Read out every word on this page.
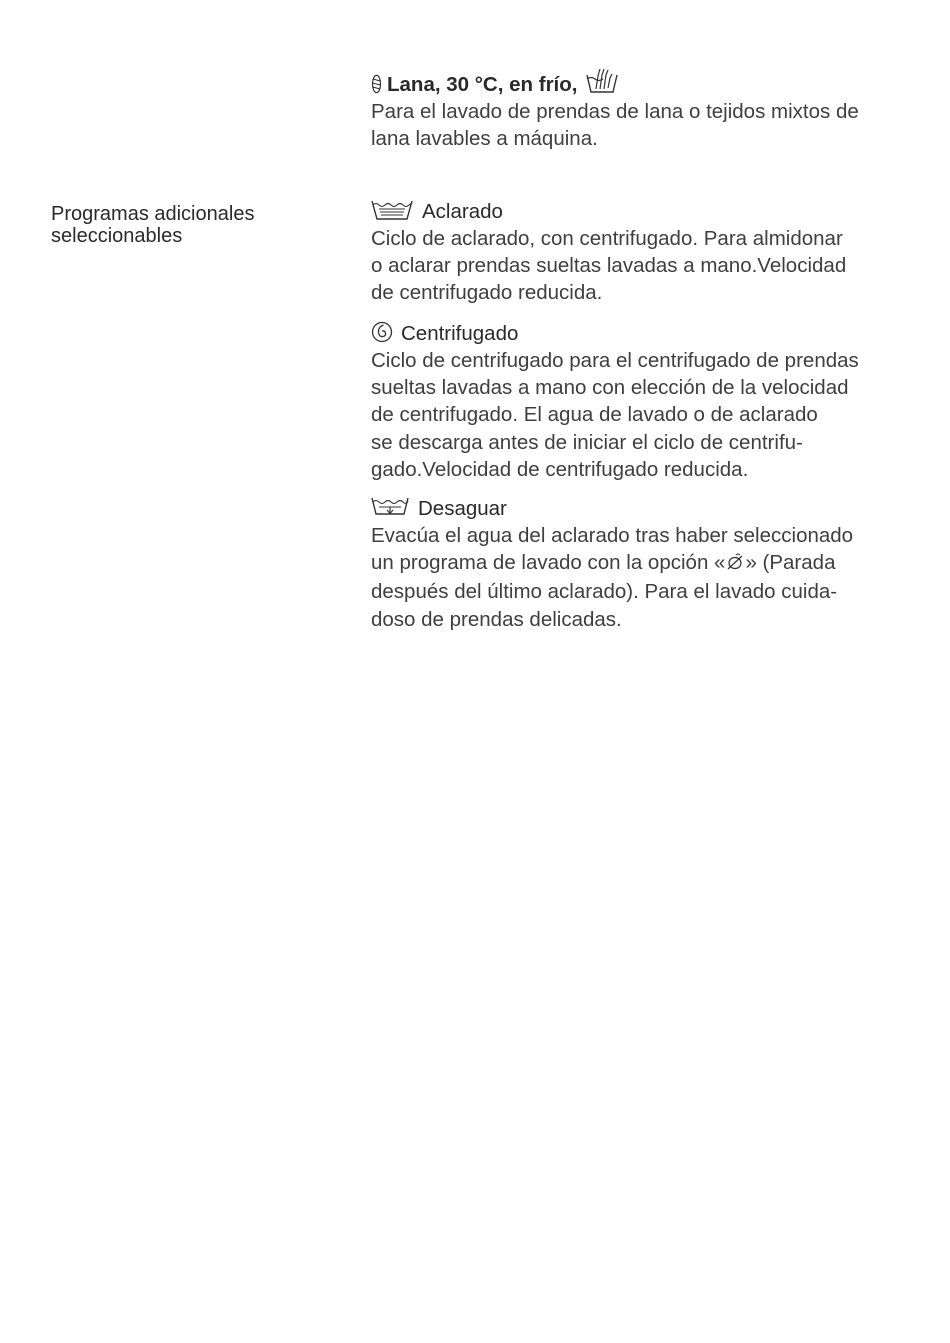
Programas adicionales
seleccionables
Lana, 30 °C, en frío,
Para el lavado de prendas de lana o tejidos mixtos de
lana lavables a máquina.
Aclarado
Ciclo de aclarado, con centrifugado. Para almidonar
o aclarar prendas sueltas lavadas a mano.Velocidad
de centrifugado reducida.
Centrifugado
Ciclo de centrifugado para el centrifugado de prendas
sueltas lavadas a mano con elección de la velocidad
de centrifugado. El agua de lavado o de aclarado
se descarga antes de iniciar el ciclo de centrifu-
gado.Velocidad de centrifugado reducida.
Desaguar
Evacúa el agua del aclarado tras haber seleccionado
un programa de lavado con la opción « » (Parada
después del último aclarado). Para el lavado cuida-
doso de prendas delicadas.
